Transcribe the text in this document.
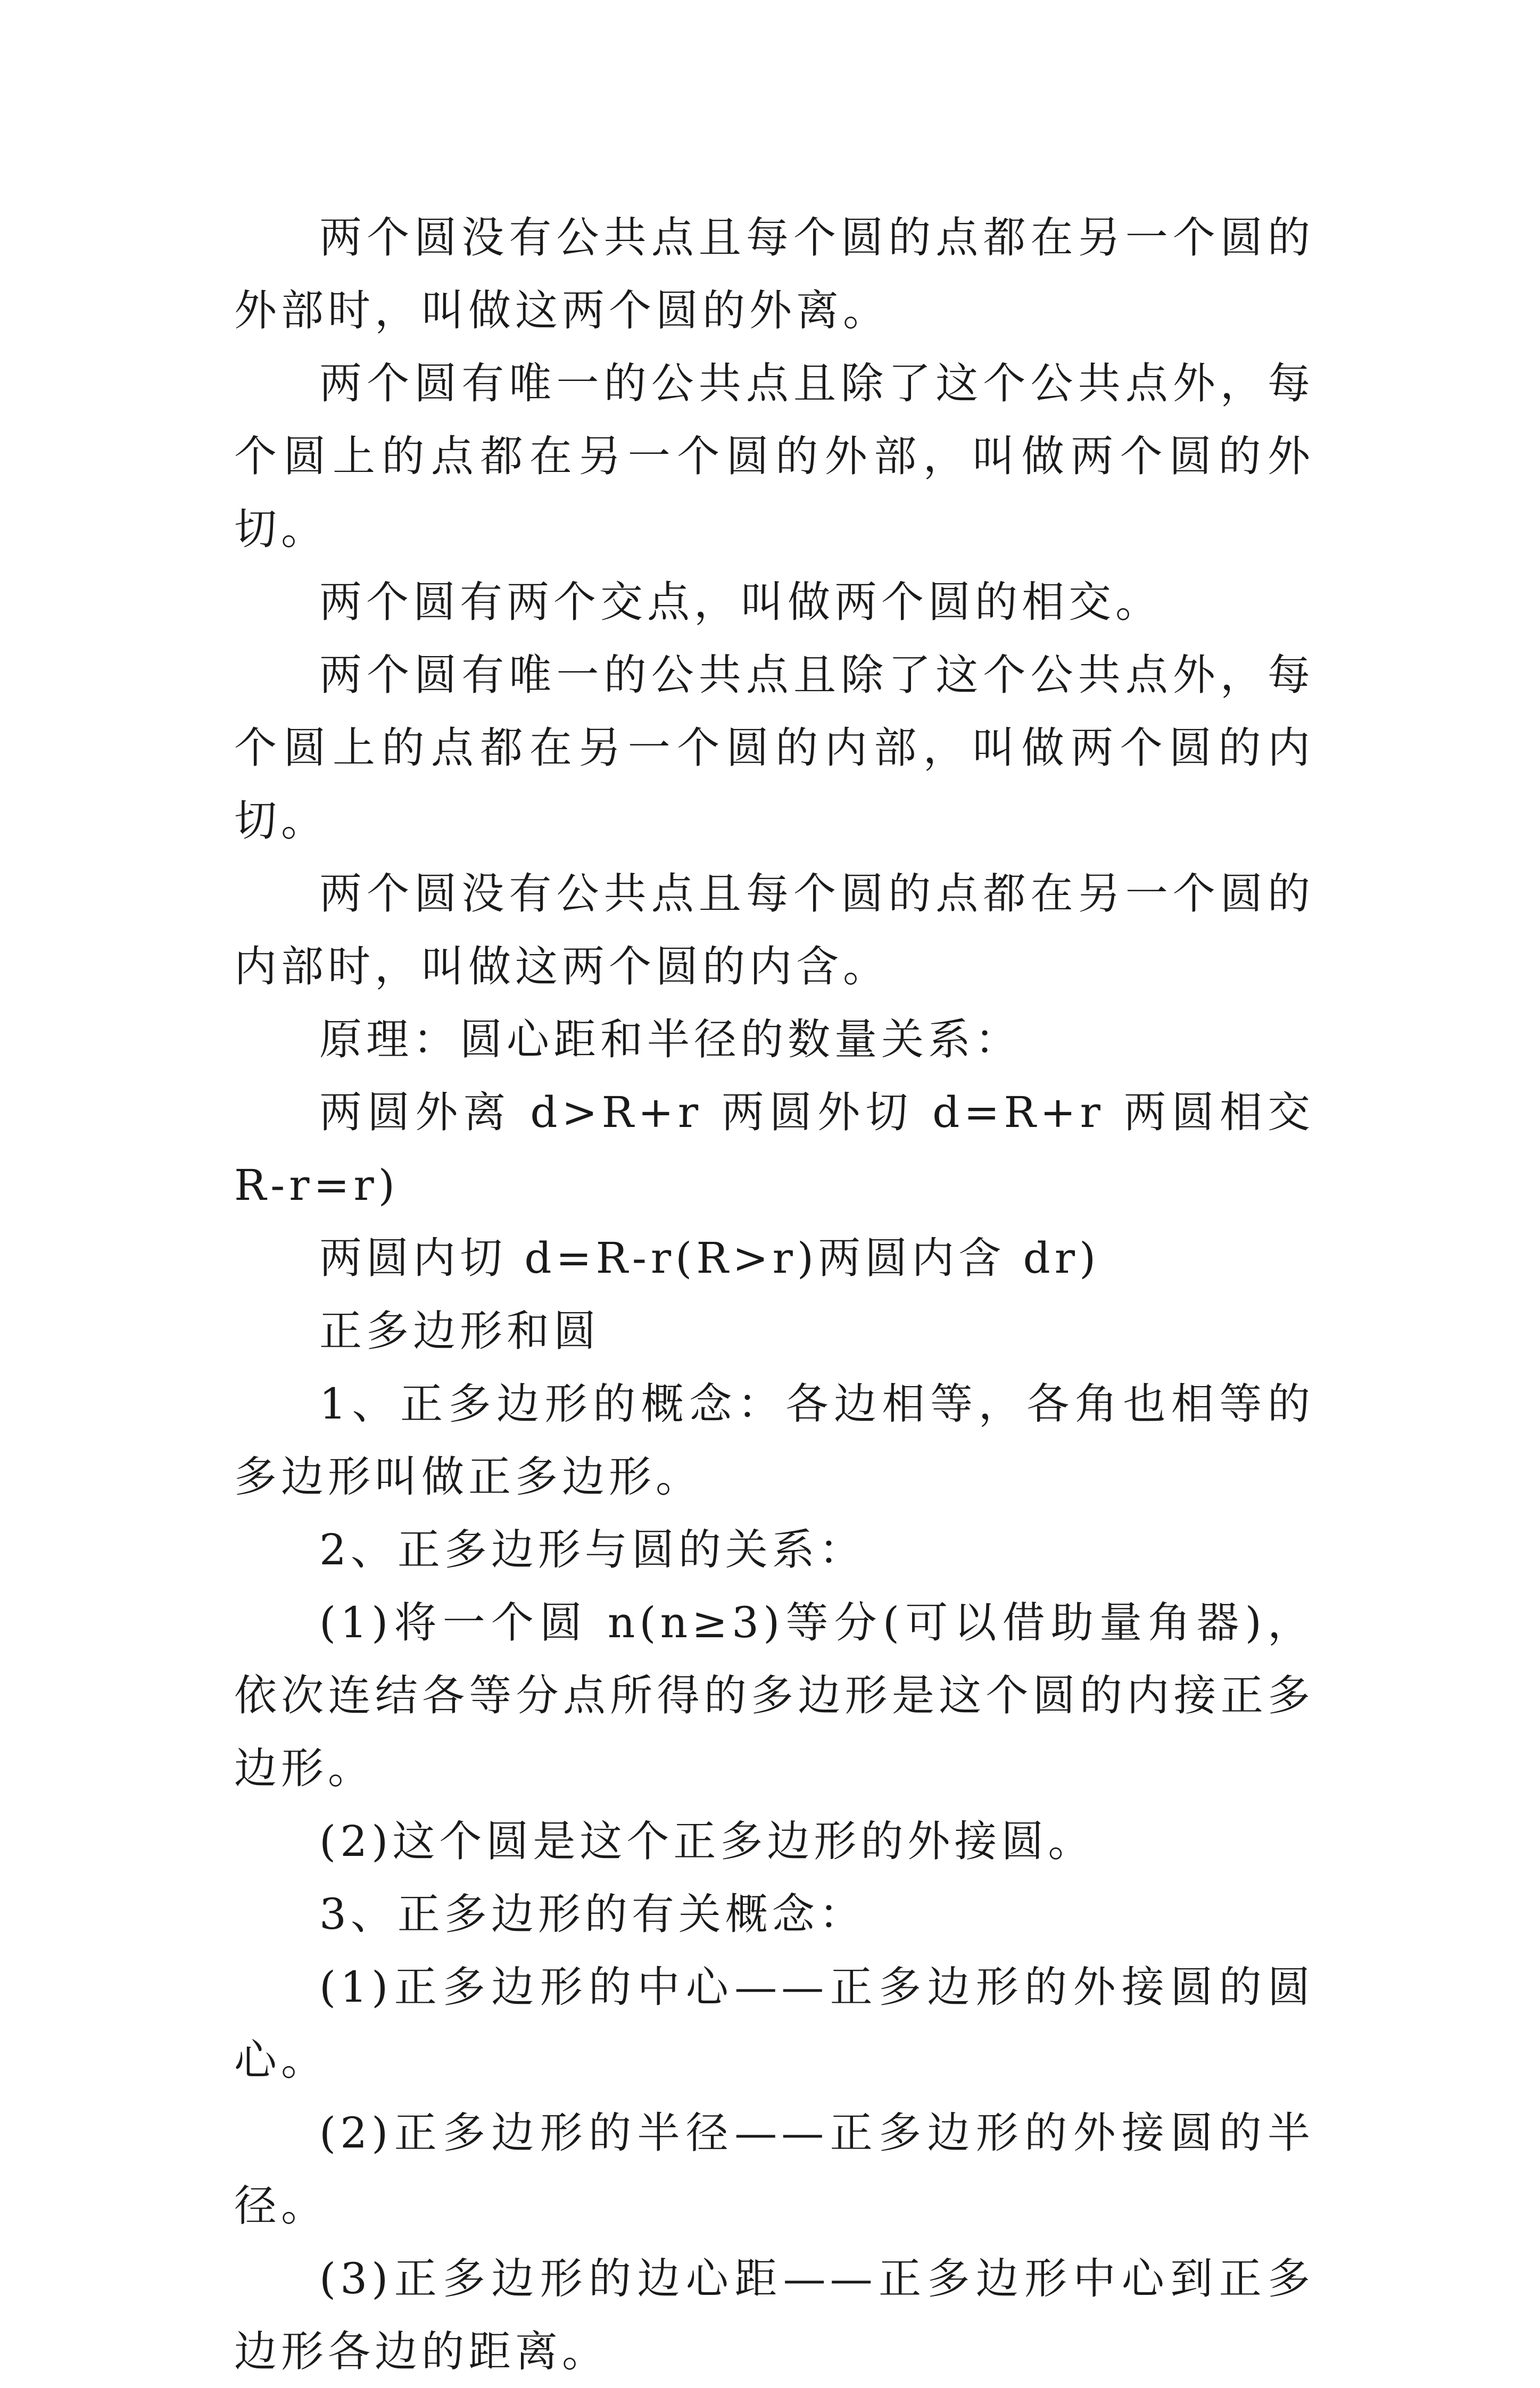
两个圆没有公共点且每个圆的点都在另一个圆的外部时，叫做这两个圆的外离。

两个圆有唯一的公共点且除了这个公共点外，每个圆上的点都在另一个圆的外部，叫做两个圆的外切。

两个圆有两个交点，叫做两个圆的相交。

两个圆有唯一的公共点且除了这个公共点外，每个圆上的点都在另一个圆的内部，叫做两个圆的内切。

两个圆没有公共点且每个圆的点都在另一个圆的内部时，叫做这两个圆的内含。

原理：圆心距和半径的数量关系：

两圆外离 d>R+r 两圆外切 d=R+r 两圆相交 R-r=r)

两圆内切 d=R-r(R>r)两圆内含 dr)

正多边形和圆

1、正多边形的概念：各边相等，各角也相等的多边形叫做正多边形。

2、正多边形与圆的关系：

(1)将一个圆 n(n≥3)等分(可以借助量角器)，依次连结各等分点所得的多边形是这个圆的内接正多边形。

(2)这个圆是这个正多边形的外接圆。

3、正多边形的有关概念：

(1)正多边形的中心——正多边形的外接圆的圆心。

(2)正多边形的半径——正多边形的外接圆的半径。

(3)正多边形的边心距——正多边形中心到正多边形各边的距离。
